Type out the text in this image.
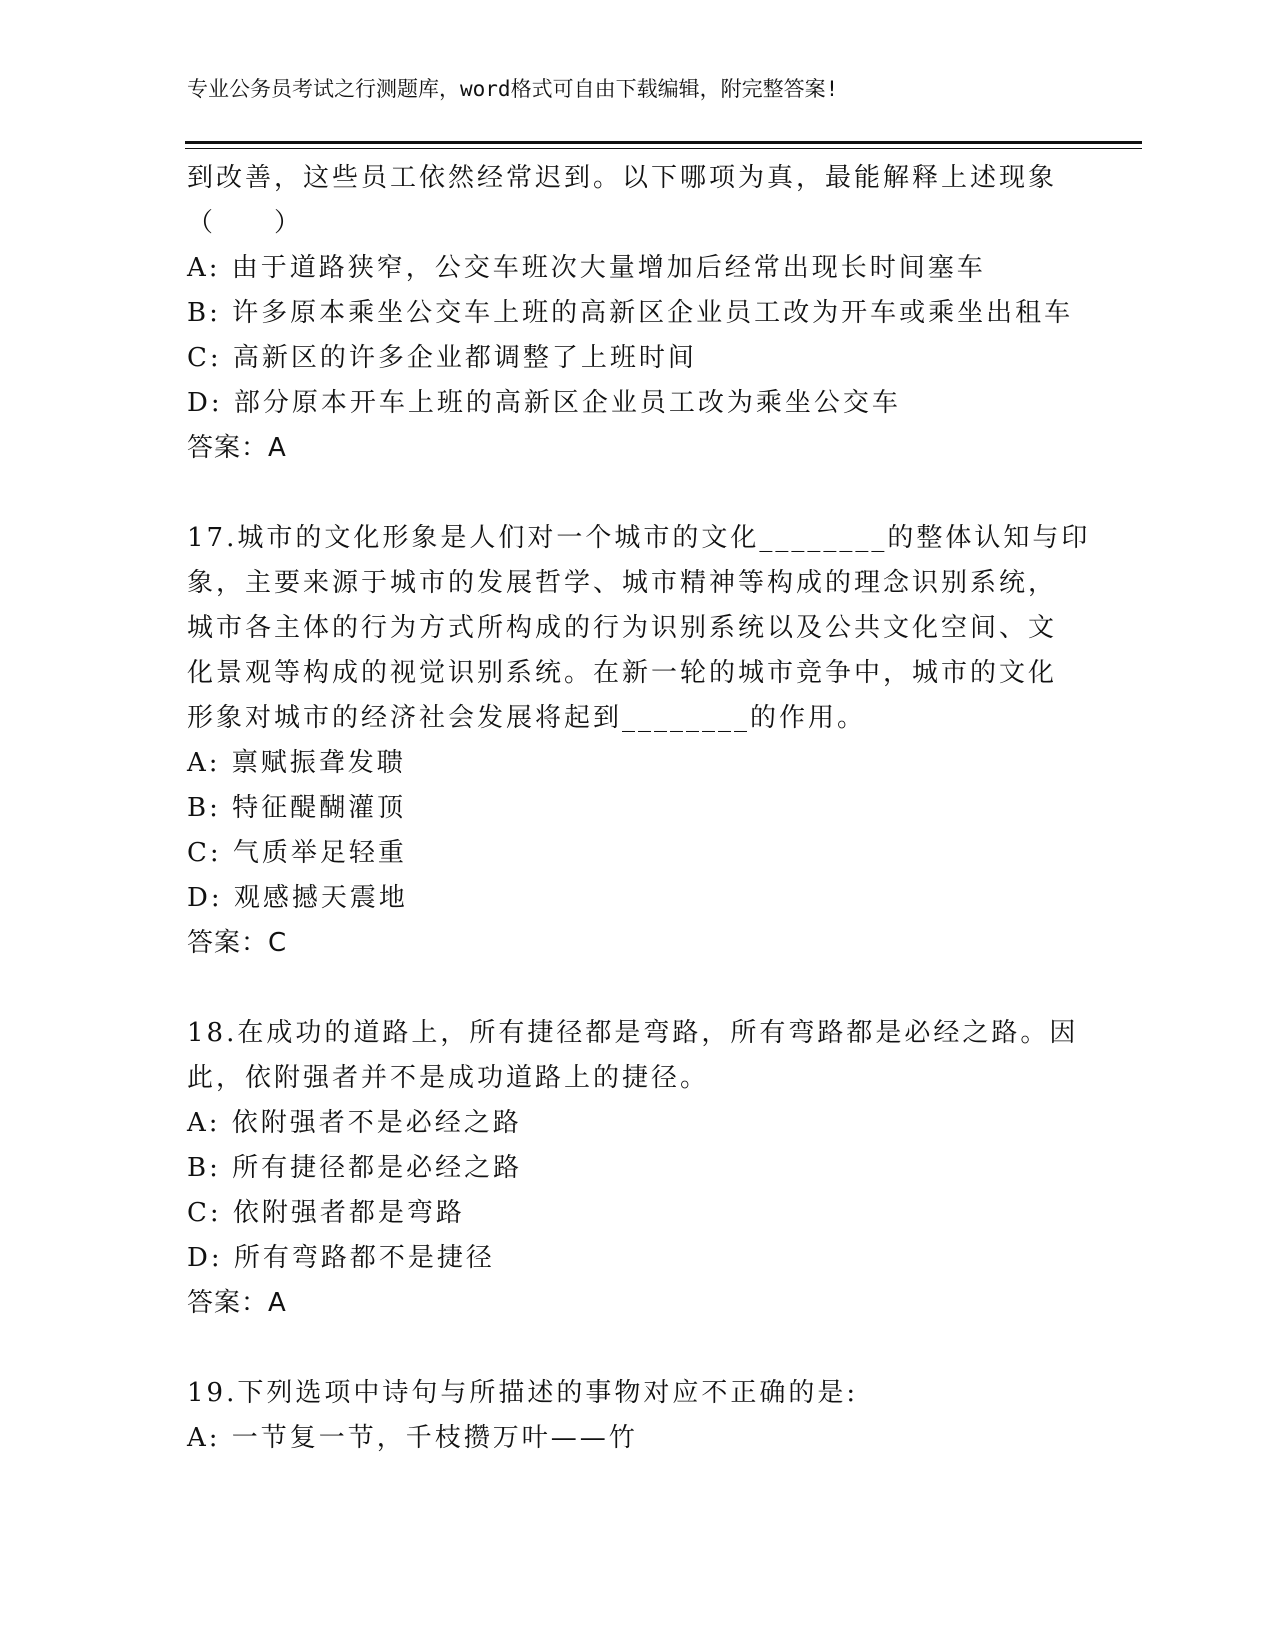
专业公务员考试之行测题库，word格式可自由下载编辑，附完整答案!
到改善，这些员工依然经常迟到。以下哪项为真，最能解释上述现象
（　　）
A: 由于道路狭窄，公交车班次大量增加后经常出现长时间塞车
B: 许多原本乘坐公交车上班的高新区企业员工改为开车或乘坐出租车
C: 高新区的许多企业都调整了上班时间
D: 部分原本开车上班的高新区企业员工改为乘坐公交车
答案：A
17.城市的文化形象是人们对一个城市的文化________的整体认知与印
象，主要来源于城市的发展哲学、城市精神等构成的理念识别系统，
城市各主体的行为方式所构成的行为识别系统以及公共文化空间、文
化景观等构成的视觉识别系统。在新一轮的城市竞争中，城市的文化
形象对城市的经济社会发展将起到________的作用。
A: 禀赋振聋发聩
B: 特征醍醐灌顶
C: 气质举足轻重
D: 观感撼天震地
答案：C
18.在成功的道路上，所有捷径都是弯路，所有弯路都是必经之路。因
此，依附强者并不是成功道路上的捷径。
A: 依附强者不是必经之路
B: 所有捷径都是必经之路
C: 依附强者都是弯路
D: 所有弯路都不是捷径
答案：A
19.下列选项中诗句与所描述的事物对应不正确的是:
A: 一节复一节，千枝攒万叶——竹
